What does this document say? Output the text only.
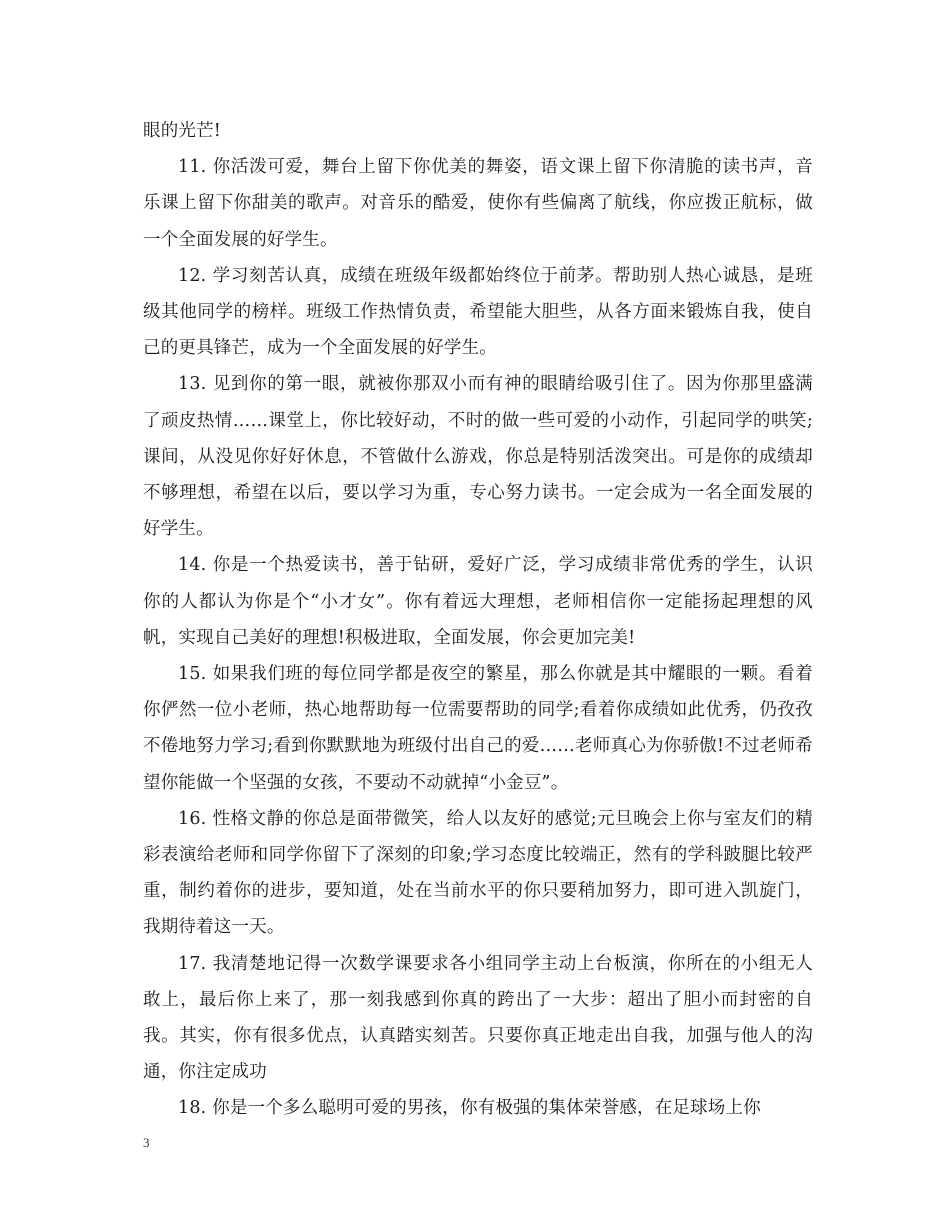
眼的光芒!

11. 你活泼可爱，舞台上留下你优美的舞姿，语文课上留下你清脆的读书声，音乐课上留下你甜美的歌声。对音乐的酷爱，使你有些偏离了航线，你应拨正航标，做一个全面发展的好学生。

12. 学习刻苦认真，成绩在班级年级都始终位于前茅。帮助别人热心诚恳，是班级其他同学的榜样。班级工作热情负责，希望能大胆些，从各方面来锻炼自我，使自己的更具锋芒，成为一个全面发展的好学生。

13. 见到你的第一眼，就被你那双小而有神的眼睛给吸引住了。因为你那里盛满了顽皮热情……课堂上，你比较好动，不时的做一些可爱的小动作，引起同学的哄笑;课间，从没见你好好休息，不管做什么游戏，你总是特别活泼突出。可是你的成绩却不够理想，希望在以后，要以学习为重，专心努力读书。一定会成为一名全面发展的好学生。

14. 你是一个热爱读书，善于钻研，爱好广泛，学习成绩非常优秀的学生，认识你的人都认为你是个“小才女”。你有着远大理想，老师相信你一定能扬起理想的风帆，实现自己美好的理想!积极进取，全面发展，你会更加完美!

15. 如果我们班的每位同学都是夜空的繁星，那么你就是其中耀眼的一颗。看着你俨然一位小老师，热心地帮助每一位需要帮助的同学;看着你成绩如此优秀，仍孜孜不倦地努力学习;看到你默默地为班级付出自己的爱……老师真心为你骄傲!不过老师希望你能做一个坚强的女孩，不要动不动就掉“小金豆”。

16. 性格文静的你总是面带微笑，给人以友好的感觉;元旦晚会上你与室友们的精彩表演给老师和同学你留下了深刻的印象;学习态度比较端正，然有的学科跛腿比较严重，制约着你的进步，要知道，处在当前水平的你只要稍加努力，即可进入凯旋门，我期待着这一天。

17. 我清楚地记得一次数学课要求各小组同学主动上台板演，你所在的小组无人敢上，最后你上来了，那一刻我感到你真的跨出了一大步：超出了胆小而封密的自我。其实，你有很多优点，认真踏实刻苦。只要你真正地走出自我，加强与他人的沟通，你注定成功

18. 你是一个多么聪明可爱的男孩，你有极强的集体荣誉感，在足球场上你

3
